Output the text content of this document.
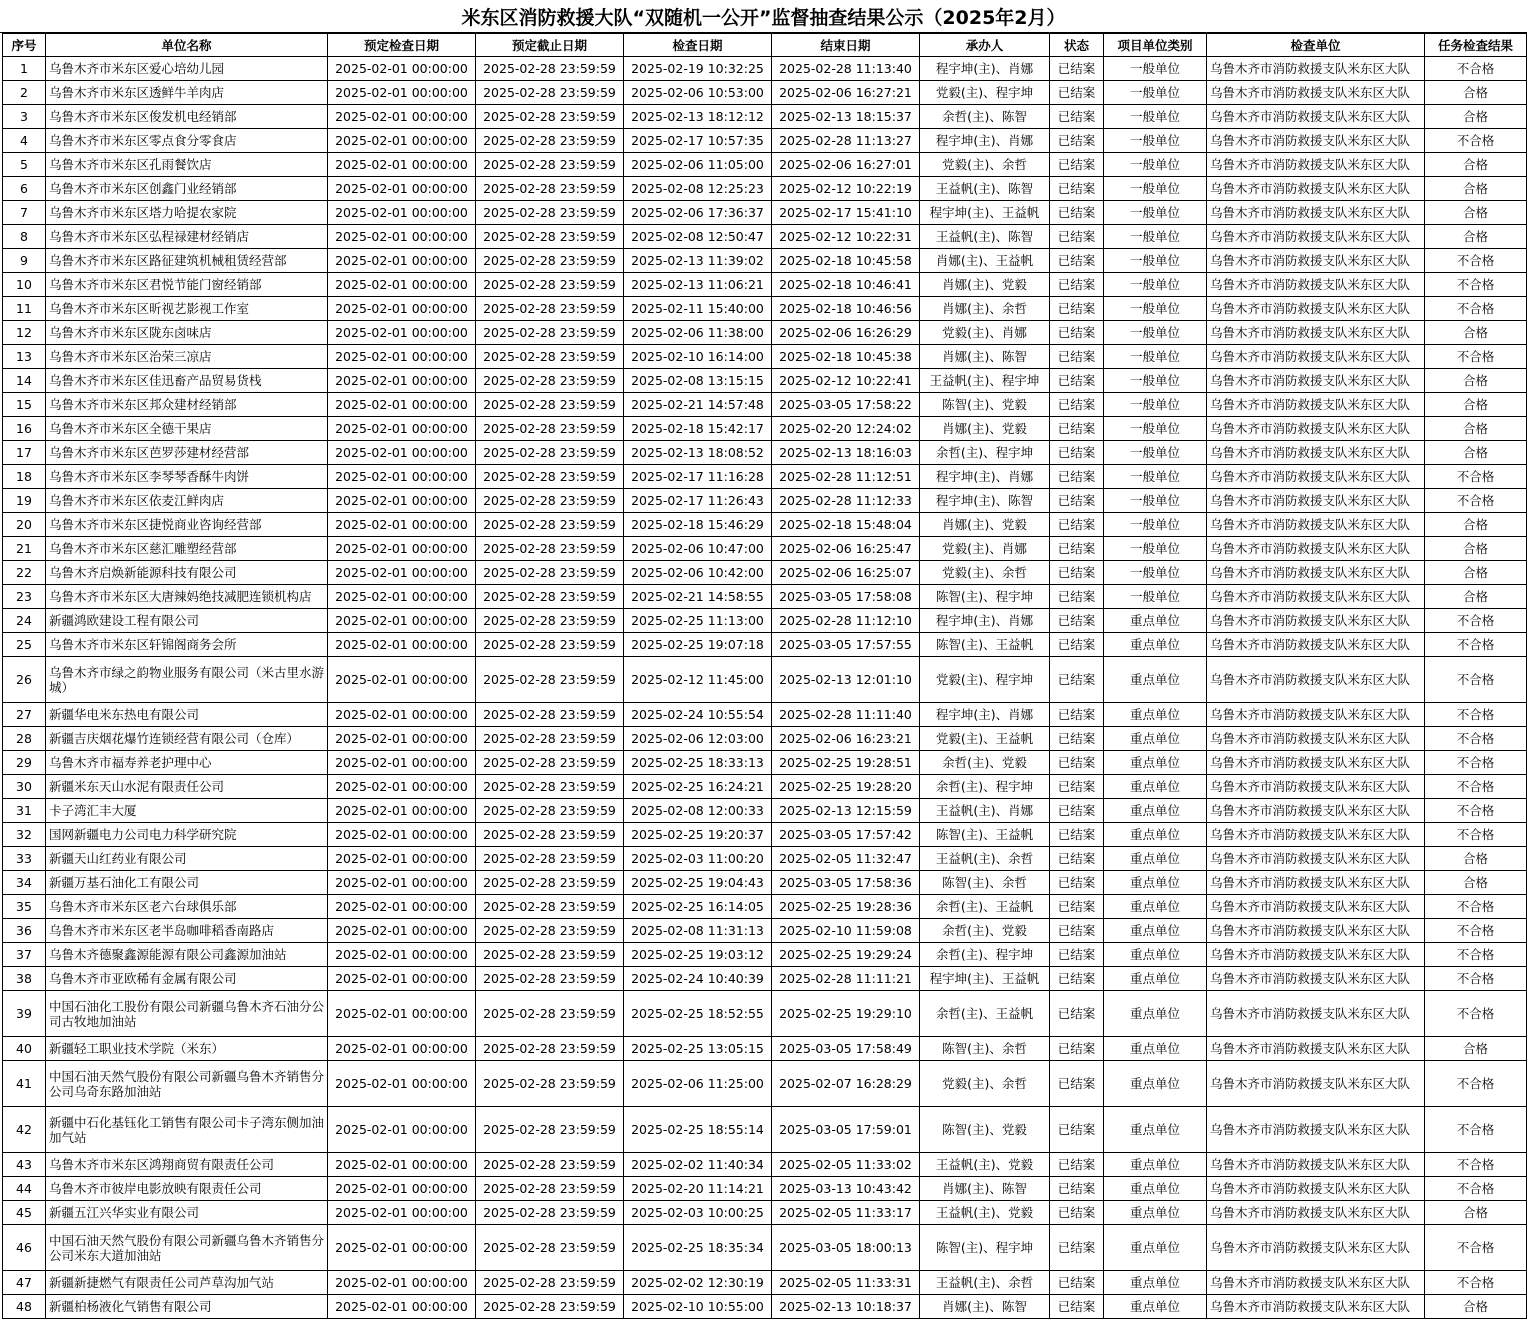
米东区消防救援大队“双随机一公开”监督抽查结果公示（2025年2月）
序号	单位名称	预定检查日期	预定截止日期	检查日期	结束日期	承办人	状态	项目单位类别	检查单位	任务检查结果
1	乌鲁木齐市米东区爱心培幼儿园	2025-02-01 00:00:00	2025-02-28 23:59:59	2025-02-19 10:32:25	2025-02-28 11:13:40	程宇坤(主)、肖娜	已结案	一般单位	乌鲁木齐市消防救援支队米东区大队	不合格
2	乌鲁木齐市米东区透鲜牛羊肉店	2025-02-01 00:00:00	2025-02-28 23:59:59	2025-02-06 10:53:00	2025-02-06 16:27:21	党毅(主)、程宇坤	已结案	一般单位	乌鲁木齐市消防救援支队米东区大队	合格
3	乌鲁木齐市米东区俊发机电经销部	2025-02-01 00:00:00	2025-02-28 23:59:59	2025-02-13 18:12:12	2025-02-13 18:15:37	余哲(主)、陈智	已结案	一般单位	乌鲁木齐市消防救援支队米东区大队	合格
4	乌鲁木齐市米东区零点食分零食店	2025-02-01 00:00:00	2025-02-28 23:59:59	2025-02-17 10:57:35	2025-02-28 11:13:27	程宇坤(主)、肖娜	已结案	一般单位	乌鲁木齐市消防救援支队米东区大队	不合格
5	乌鲁木齐市米东区孔雨餐饮店	2025-02-01 00:00:00	2025-02-28 23:59:59	2025-02-06 11:05:00	2025-02-06 16:27:01	党毅(主)、余哲	已结案	一般单位	乌鲁木齐市消防救援支队米东区大队	合格
6	乌鲁木齐市米东区创鑫门业经销部	2025-02-01 00:00:00	2025-02-28 23:59:59	2025-02-08 12:25:23	2025-02-12 10:22:19	王益帆(主)、陈智	已结案	一般单位	乌鲁木齐市消防救援支队米东区大队	合格
7	乌鲁木齐市米东区塔力哈提农家院	2025-02-01 00:00:00	2025-02-28 23:59:59	2025-02-06 17:36:37	2025-02-17 15:41:10	程宇坤(主)、王益帆	已结案	一般单位	乌鲁木齐市消防救援支队米东区大队	合格
8	乌鲁木齐市米东区弘程禄建材经销店	2025-02-01 00:00:00	2025-02-28 23:59:59	2025-02-08 12:50:47	2025-02-12 10:22:31	王益帆(主)、陈智	已结案	一般单位	乌鲁木齐市消防救援支队米东区大队	合格
9	乌鲁木齐市米东区路征建筑机械租赁经营部	2025-02-01 00:00:00	2025-02-28 23:59:59	2025-02-13 11:39:02	2025-02-18 10:45:58	肖娜(主)、王益帆	已结案	一般单位	乌鲁木齐市消防救援支队米东区大队	不合格
10	乌鲁木齐市米东区君悦节能门窗经销部	2025-02-01 00:00:00	2025-02-28 23:59:59	2025-02-13 11:06:21	2025-02-18 10:46:41	肖娜(主)、党毅	已结案	一般单位	乌鲁木齐市消防救援支队米东区大队	不合格
11	乌鲁木齐市米东区昕视艺影视工作室	2025-02-01 00:00:00	2025-02-28 23:59:59	2025-02-11 15:40:00	2025-02-18 10:46:56	肖娜(主)、余哲	已结案	一般单位	乌鲁木齐市消防救援支队米东区大队	不合格
12	乌鲁木齐市米东区陇东卤味店	2025-02-01 00:00:00	2025-02-28 23:59:59	2025-02-06 11:38:00	2025-02-06 16:26:29	党毅(主)、肖娜	已结案	一般单位	乌鲁木齐市消防救援支队米东区大队	合格
13	乌鲁木齐市米东区治荣三凉店	2025-02-01 00:00:00	2025-02-28 23:59:59	2025-02-10 16:14:00	2025-02-18 10:45:38	肖娜(主)、陈智	已结案	一般单位	乌鲁木齐市消防救援支队米东区大队	不合格
14	乌鲁木齐市米东区佳迅畜产品贸易货栈	2025-02-01 00:00:00	2025-02-28 23:59:59	2025-02-08 13:15:15	2025-02-12 10:22:41	王益帆(主)、程宇坤	已结案	一般单位	乌鲁木齐市消防救援支队米东区大队	合格
15	乌鲁木齐市米东区邦众建材经销部	2025-02-01 00:00:00	2025-02-28 23:59:59	2025-02-21 14:57:48	2025-03-05 17:58:22	陈智(主)、党毅	已结案	一般单位	乌鲁木齐市消防救援支队米东区大队	合格
16	乌鲁木齐市米东区全德干果店	2025-02-01 00:00:00	2025-02-28 23:59:59	2025-02-18 15:42:17	2025-02-20 12:24:02	肖娜(主)、党毅	已结案	一般单位	乌鲁木齐市消防救援支队米东区大队	合格
17	乌鲁木齐市米东区芭罗莎建材经营部	2025-02-01 00:00:00	2025-02-28 23:59:59	2025-02-13 18:08:52	2025-02-13 18:16:03	余哲(主)、程宇坤	已结案	一般单位	乌鲁木齐市消防救援支队米东区大队	合格
18	乌鲁木齐市米东区李琴琴香酥牛肉饼	2025-02-01 00:00:00	2025-02-28 23:59:59	2025-02-17 11:16:28	2025-02-28 11:12:51	程宇坤(主)、肖娜	已结案	一般单位	乌鲁木齐市消防救援支队米东区大队	不合格
19	乌鲁木齐市米东区依麦江鲜肉店	2025-02-01 00:00:00	2025-02-28 23:59:59	2025-02-17 11:26:43	2025-02-28 11:12:33	程宇坤(主)、陈智	已结案	一般单位	乌鲁木齐市消防救援支队米东区大队	不合格
20	乌鲁木齐市米东区捷悦商业咨询经营部	2025-02-01 00:00:00	2025-02-28 23:59:59	2025-02-18 15:46:29	2025-02-18 15:48:04	肖娜(主)、党毅	已结案	一般单位	乌鲁木齐市消防救援支队米东区大队	合格
21	乌鲁木齐市米东区慈汇雕塑经营部	2025-02-01 00:00:00	2025-02-28 23:59:59	2025-02-06 10:47:00	2025-02-06 16:25:47	党毅(主)、肖娜	已结案	一般单位	乌鲁木齐市消防救援支队米东区大队	合格
22	乌鲁木齐启焕新能源科技有限公司	2025-02-01 00:00:00	2025-02-28 23:59:59	2025-02-06 10:42:00	2025-02-06 16:25:07	党毅(主)、余哲	已结案	一般单位	乌鲁木齐市消防救援支队米东区大队	合格
23	乌鲁木齐市米东区大唐辣妈绝技减肥连锁机构店	2025-02-01 00:00:00	2025-02-28 23:59:59	2025-02-21 14:58:55	2025-03-05 17:58:08	陈智(主)、程宇坤	已结案	一般单位	乌鲁木齐市消防救援支队米东区大队	合格
24	新疆鸿欧建设工程有限公司	2025-02-01 00:00:00	2025-02-28 23:59:59	2025-02-25 11:13:00	2025-02-28 11:12:10	程宇坤(主)、肖娜	已结案	重点单位	乌鲁木齐市消防救援支队米东区大队	不合格
25	乌鲁木齐市米东区轩锦阁商务会所	2025-02-01 00:00:00	2025-02-28 23:59:59	2025-02-25 19:07:18	2025-03-05 17:57:55	陈智(主)、王益帆	已结案	重点单位	乌鲁木齐市消防救援支队米东区大队	不合格
26	乌鲁木齐市绿之韵物业服务有限公司（米古里水游城）	2025-02-01 00:00:00	2025-02-28 23:59:59	2025-02-12 11:45:00	2025-02-13 12:01:10	党毅(主)、程宇坤	已结案	重点单位	乌鲁木齐市消防救援支队米东区大队	不合格
27	新疆华电米东热电有限公司	2025-02-01 00:00:00	2025-02-28 23:59:59	2025-02-24 10:55:54	2025-02-28 11:11:40	程宇坤(主)、肖娜	已结案	重点单位	乌鲁木齐市消防救援支队米东区大队	不合格
28	新疆吉庆烟花爆竹连锁经营有限公司（仓库）	2025-02-01 00:00:00	2025-02-28 23:59:59	2025-02-06 12:03:00	2025-02-06 16:23:21	党毅(主)、王益帆	已结案	重点单位	乌鲁木齐市消防救援支队米东区大队	不合格
29	乌鲁木齐市福寿养老护理中心	2025-02-01 00:00:00	2025-02-28 23:59:59	2025-02-25 18:33:13	2025-02-25 19:28:51	余哲(主)、党毅	已结案	重点单位	乌鲁木齐市消防救援支队米东区大队	不合格
30	新疆米东天山水泥有限责任公司	2025-02-01 00:00:00	2025-02-28 23:59:59	2025-02-25 16:24:21	2025-02-25 19:28:20	余哲(主)、程宇坤	已结案	重点单位	乌鲁木齐市消防救援支队米东区大队	不合格
31	卡子湾汇丰大厦	2025-02-01 00:00:00	2025-02-28 23:59:59	2025-02-08 12:00:33	2025-02-13 12:15:59	王益帆(主)、肖娜	已结案	重点单位	乌鲁木齐市消防救援支队米东区大队	不合格
32	国网新疆电力公司电力科学研究院	2025-02-01 00:00:00	2025-02-28 23:59:59	2025-02-25 19:20:37	2025-03-05 17:57:42	陈智(主)、王益帆	已结案	重点单位	乌鲁木齐市消防救援支队米东区大队	不合格
33	新疆天山红药业有限公司	2025-02-01 00:00:00	2025-02-28 23:59:59	2025-02-03 11:00:20	2025-02-05 11:32:47	王益帆(主)、余哲	已结案	重点单位	乌鲁木齐市消防救援支队米东区大队	合格
34	新疆万基石油化工有限公司	2025-02-01 00:00:00	2025-02-28 23:59:59	2025-02-25 19:04:43	2025-03-05 17:58:36	陈智(主)、余哲	已结案	重点单位	乌鲁木齐市消防救援支队米东区大队	合格
35	乌鲁木齐市米东区老六台球俱乐部	2025-02-01 00:00:00	2025-02-28 23:59:59	2025-02-25 16:14:05	2025-02-25 19:28:36	余哲(主)、王益帆	已结案	重点单位	乌鲁木齐市消防救援支队米东区大队	不合格
36	乌鲁木齐市米东区老半岛咖啡稻香南路店	2025-02-01 00:00:00	2025-02-28 23:59:59	2025-02-08 11:31:13	2025-02-10 11:59:08	余哲(主)、党毅	已结案	重点单位	乌鲁木齐市消防救援支队米东区大队	不合格
37	乌鲁木齐德聚鑫源能源有限公司鑫源加油站	2025-02-01 00:00:00	2025-02-28 23:59:59	2025-02-25 19:03:12	2025-02-25 19:29:24	余哲(主)、程宇坤	已结案	重点单位	乌鲁木齐市消防救援支队米东区大队	不合格
38	乌鲁木齐市亚欧稀有金属有限公司	2025-02-01 00:00:00	2025-02-28 23:59:59	2025-02-24 10:40:39	2025-02-28 11:11:21	程宇坤(主)、王益帆	已结案	重点单位	乌鲁木齐市消防救援支队米东区大队	不合格
39	中国石油化工股份有限公司新疆乌鲁木齐石油分公司古牧地加油站	2025-02-01 00:00:00	2025-02-28 23:59:59	2025-02-25 18:52:55	2025-02-25 19:29:10	余哲(主)、王益帆	已结案	重点单位	乌鲁木齐市消防救援支队米东区大队	不合格
40	新疆轻工职业技术学院（米东）	2025-02-01 00:00:00	2025-02-28 23:59:59	2025-02-25 13:05:15	2025-03-05 17:58:49	陈智(主)、余哲	已结案	重点单位	乌鲁木齐市消防救援支队米东区大队	合格
41	中国石油天然气股份有限公司新疆乌鲁木齐销售分公司乌奇东路加油站	2025-02-01 00:00:00	2025-02-28 23:59:59	2025-02-06 11:25:00	2025-02-07 16:28:29	党毅(主)、余哲	已结案	重点单位	乌鲁木齐市消防救援支队米东区大队	不合格
42	新疆中石化基钰化工销售有限公司卡子湾东侧加油加气站	2025-02-01 00:00:00	2025-02-28 23:59:59	2025-02-25 18:55:14	2025-03-05 17:59:01	陈智(主)、党毅	已结案	重点单位	乌鲁木齐市消防救援支队米东区大队	不合格
43	乌鲁木齐市米东区鸿翔商贸有限责任公司	2025-02-01 00:00:00	2025-02-28 23:59:59	2025-02-02 11:40:34	2025-02-05 11:33:02	王益帆(主)、党毅	已结案	重点单位	乌鲁木齐市消防救援支队米东区大队	不合格
44	乌鲁木齐市彼岸电影放映有限责任公司	2025-02-01 00:00:00	2025-02-28 23:59:59	2025-02-20 11:14:21	2025-03-13 10:43:42	肖娜(主)、陈智	已结案	重点单位	乌鲁木齐市消防救援支队米东区大队	不合格
45	新疆五江兴华实业有限公司	2025-02-01 00:00:00	2025-02-28 23:59:59	2025-02-03 10:00:25	2025-02-05 11:33:17	王益帆(主)、党毅	已结案	重点单位	乌鲁木齐市消防救援支队米东区大队	合格
46	中国石油天然气股份有限公司新疆乌鲁木齐销售分公司米东大道加油站	2025-02-01 00:00:00	2025-02-28 23:59:59	2025-02-25 18:35:34	2025-03-05 18:00:13	陈智(主)、程宇坤	已结案	重点单位	乌鲁木齐市消防救援支队米东区大队	不合格
47	新疆新捷燃气有限责任公司芦草沟加气站	2025-02-01 00:00:00	2025-02-28 23:59:59	2025-02-02 12:30:19	2025-02-05 11:33:31	王益帆(主)、余哲	已结案	重点单位	乌鲁木齐市消防救援支队米东区大队	不合格
48	新疆柏杨液化气销售有限公司	2025-02-01 00:00:00	2025-02-28 23:59:59	2025-02-10 10:55:00	2025-02-13 10:18:37	肖娜(主)、陈智	已结案	重点单位	乌鲁木齐市消防救援支队米东区大队	合格
